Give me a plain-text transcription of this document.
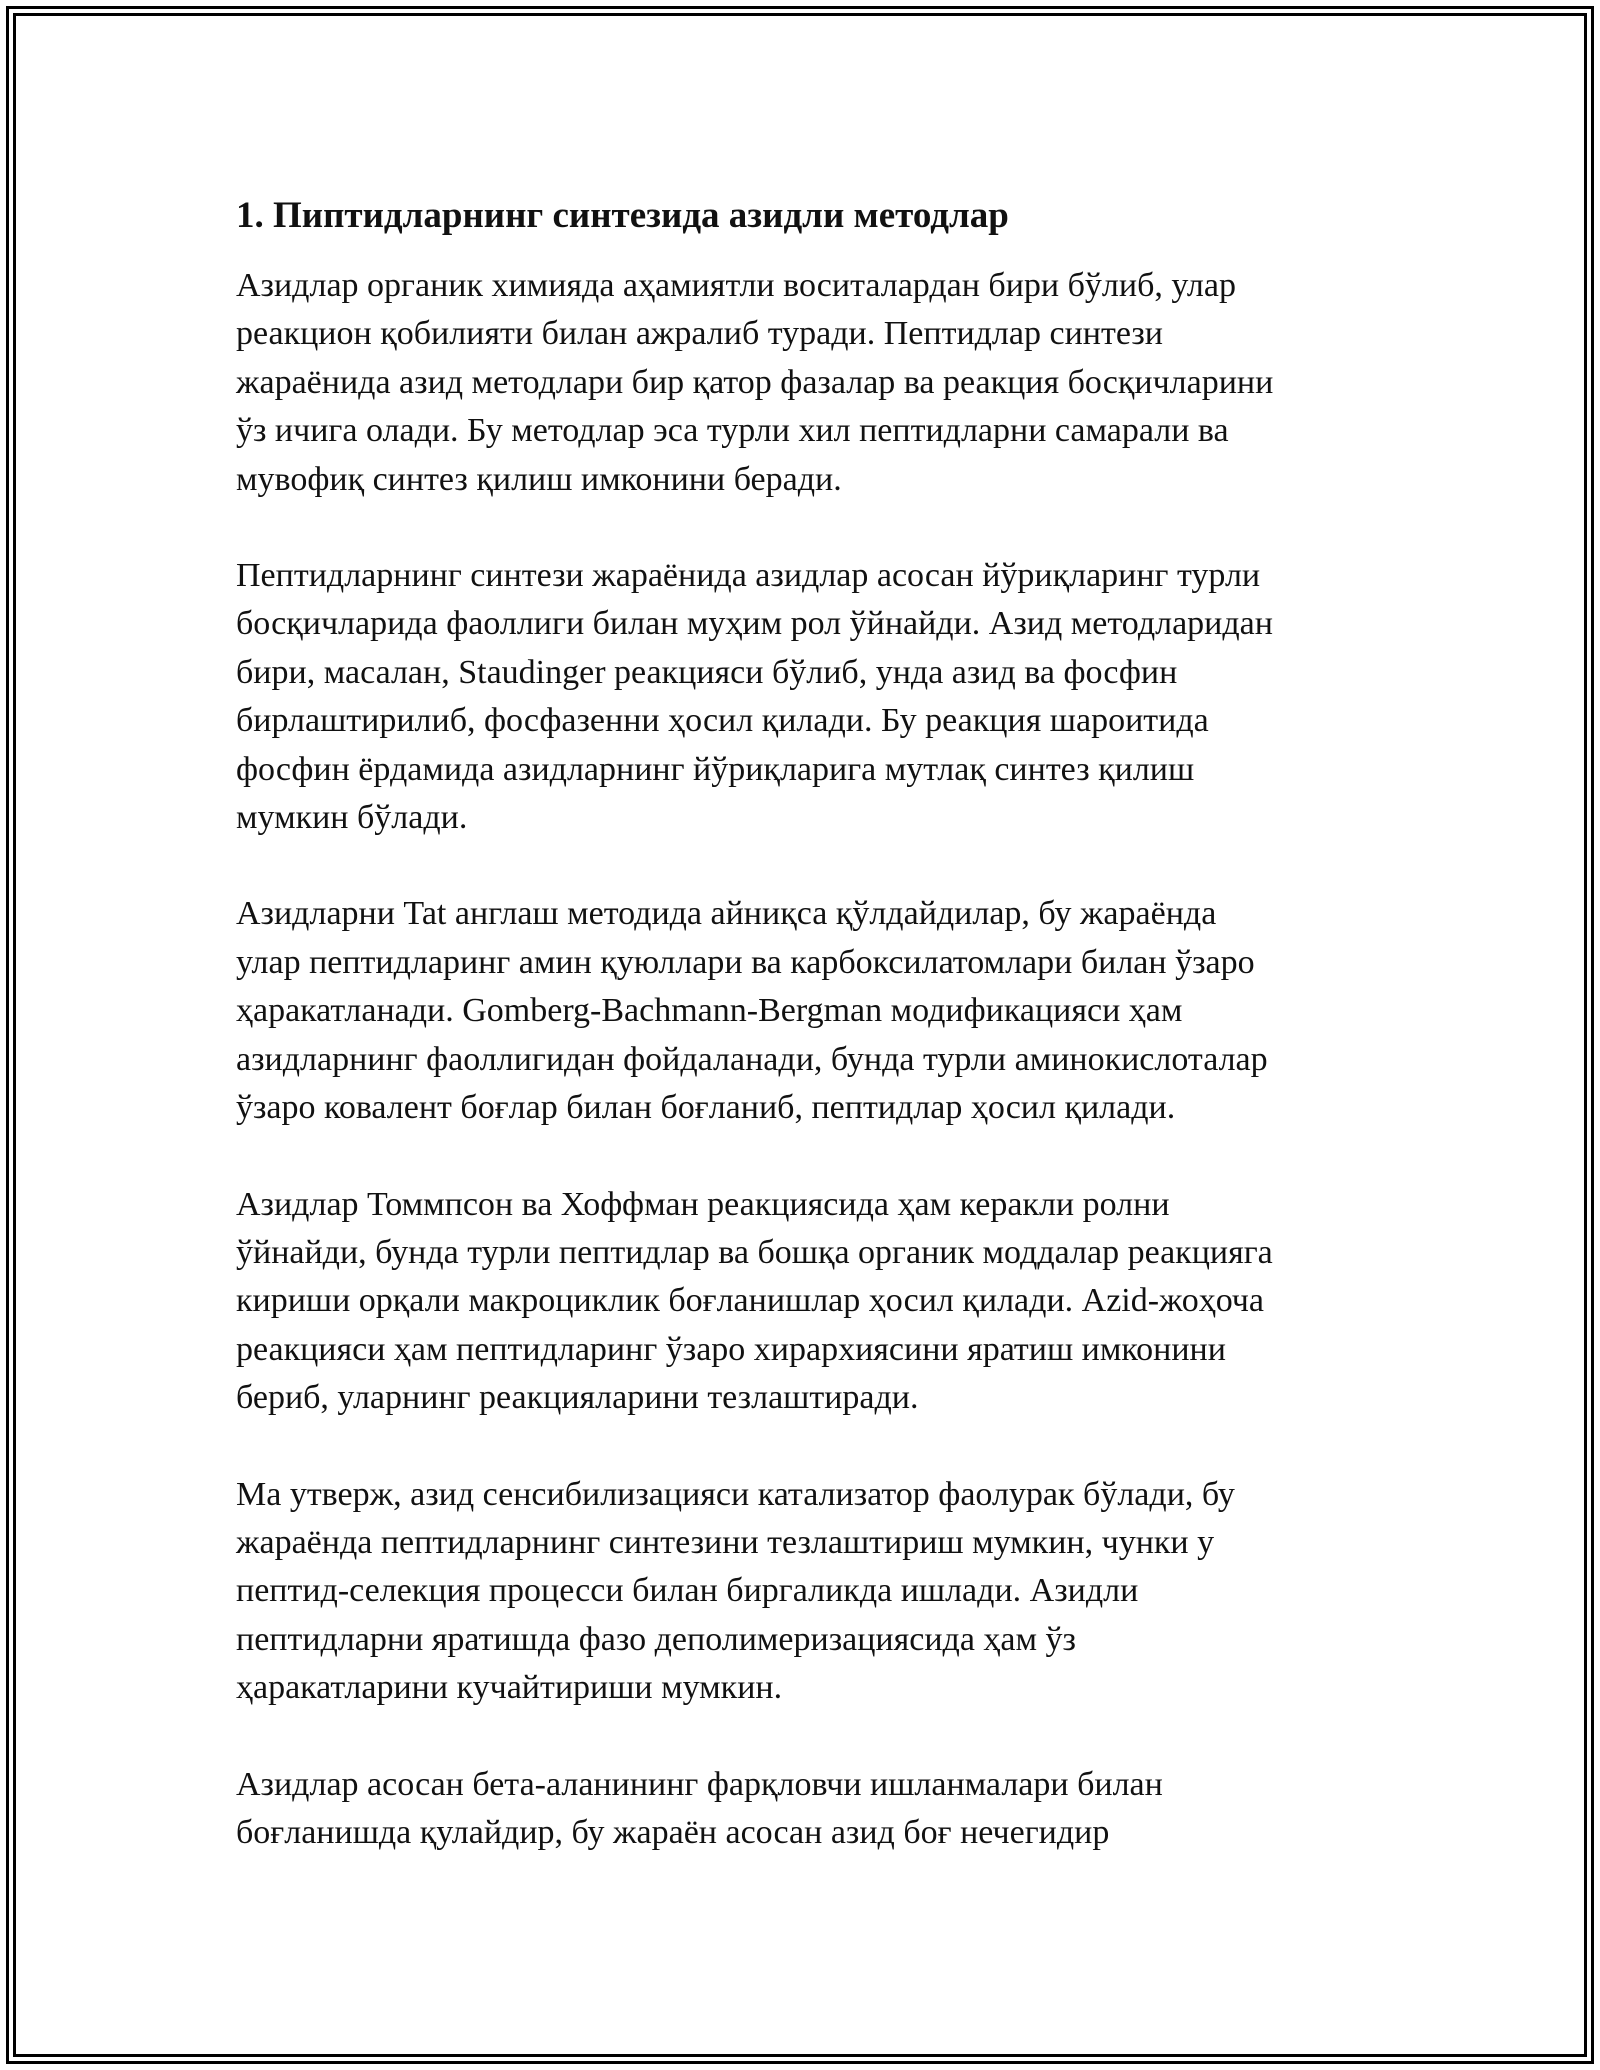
1. Пиптидларнинг синтезида азидли методлар

Азидлар органик химияда аҳамиятли воситалардан бири бўлиб, улар
реакцион қобилияти билан ажралиб туради. Пептидлар синтези
жараёнида азид методлари бир қатор фазалар ва реакция босқичларини
ўз ичига олади. Бу методлар эса турли хил пептидларни самарали ва
мувофиқ синтез қилиш имконини беради.

Пептидларнинг синтези жараёнида азидлар асосан йўриқларинг турли
босқичларида фаоллиги билан муҳим рол ўйнайди. Азид методларидан
бири, масалан, Staudinger реакцияси бўлиб, унда азид ва фосфин
бирлаштирилиб, фосфазенни ҳосил қилади. Бу реакция шароитида
фосфин ёрдамида азидларнинг йўриқларига мутлақ синтез қилиш
мумкин бўлади.

Азидларни Tat англаш методида айниқса қўлдайдилар, бу жараёнда
улар пептидларинг амин қуюллари ва карбоксилатомлари билан ўзаро
ҳаракатланади. Gomberg-Bachmann-Bergman модификацияси ҳам
азидларнинг фаоллигидан фойдаланади, бунда турли аминокислоталар
ўзаро ковалент боғлар билан боғланиб, пептидлар ҳосил қилади.

Азидлар Томмпсон ва Хоффман реакциясида ҳам керакли ролни
ўйнайди, бунда турли пептидлар ва бошқа органик моддалар реакцияга
кириши орқали макроциклик боғланишлар ҳосил қилади. Azid-жоҳоча
реакцияси ҳам пептидларинг ўзаро хирархиясини яратиш имконини
бериб, уларнинг реакцияларини тезлаштиради.

Ма утверж, азид сенсибилизацияси катализатор фаолурак бўлади, бу
жараёнда пептидларнинг синтезини тезлаштириш мумкин, чунки у
пептид-селекция процесси билан биргаликда ишлади. Азидли
пептидларни яратишда фазо деполимеризациясида ҳам ўз
ҳаракатларини кучайтириши мумкин.

Азидлар асосан бета-аланининг фарқловчи ишланмалари билан
боғланишда қулайдир, бу жараён асосан азид боғ нечегидир
